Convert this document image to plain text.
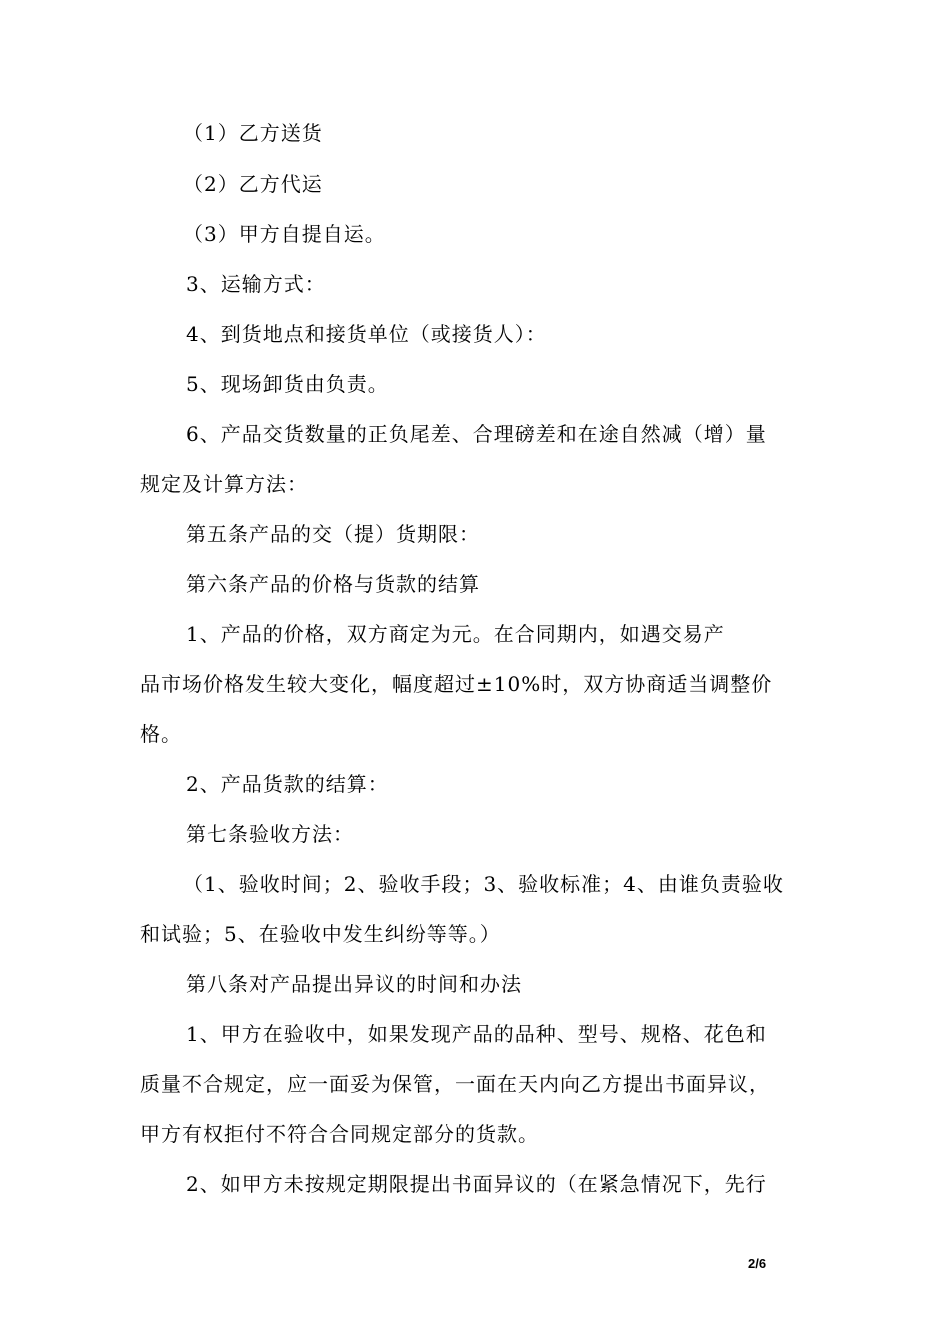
（1）乙方送货
（2）乙方代运
（3）甲方自提自运。
3、运输方式：
4、到货地点和接货单位（或接货人）：
5、现场卸货由负责。
6、产品交货数量的正负尾差、合理磅差和在途自然减（增）量
规定及计算方法：
第五条产品的交（提）货期限：
第六条产品的价格与货款的结算
1、产品的价格，双方商定为元。在合同期内，如遇交易产
品市场价格发生较大变化，幅度超过±10%时，双方协商适当调整价
格。
2、产品货款的结算：
第七条验收方法：
（1、验收时间；2、验收手段；3、验收标准；4、由谁负责验收
和试验；5、在验收中发生纠纷等等。）
第八条对产品提出异议的时间和办法
1、甲方在验收中，如果发现产品的品种、型号、规格、花色和
质量不合规定，应一面妥为保管，一面在天内向乙方提出书面异议，
甲方有权拒付不符合合同规定部分的货款。
2、如甲方未按规定期限提出书面异议的（在紧急情况下，先行
2/6
